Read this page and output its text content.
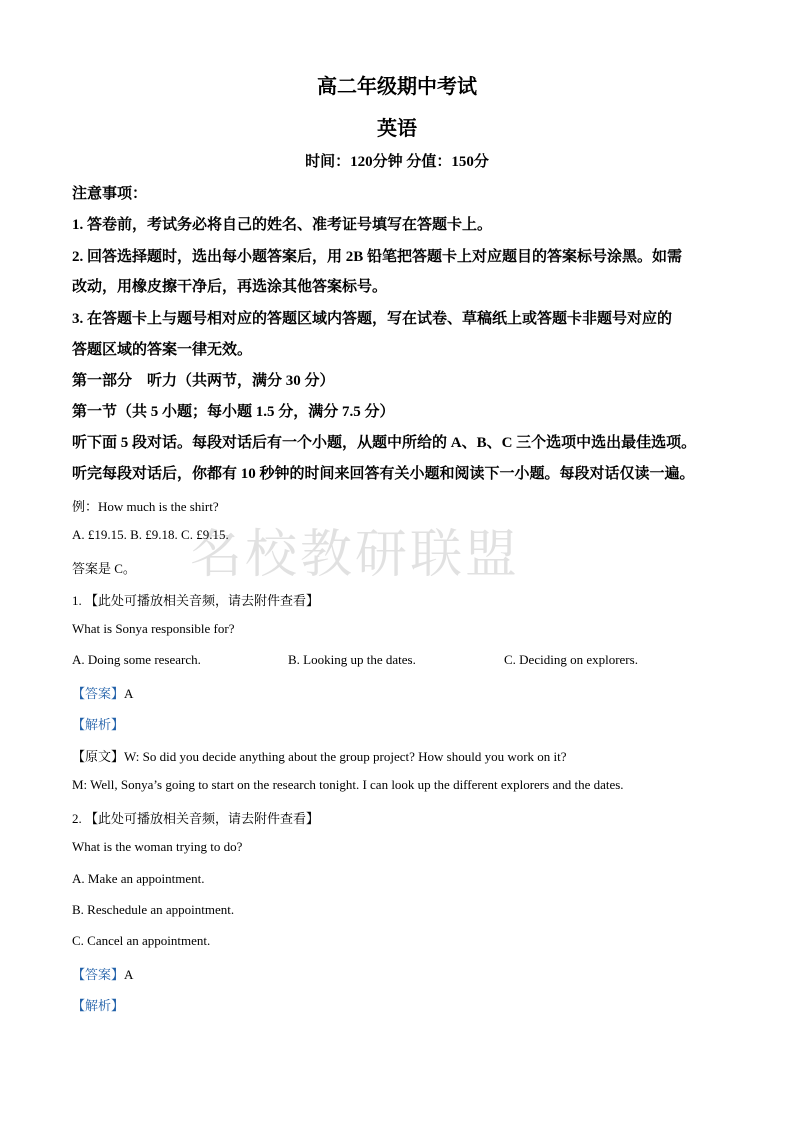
高二年级期中考试
英语
时间：120分钟 分值：150分
注意事项：
1. 答卷前，考试务必将自己的姓名、准考证号填写在答题卡上。
2. 回答选择题时，选出每小题答案后，用 2B 铅笔把答题卡上对应题目的答案标号涂黑。如需
改动，用橡皮擦干净后，再选涂其他答案标号。
3. 在答题卡上与题号相对应的答题区域内答题，写在试卷、草稿纸上或答题卡非题号对应的
答题区域的答案一律无效。
第一部分　听力（共两节，满分 30 分）
第一节（共 5 小题；每小题 1.5 分，满分 7.5 分）
听下面 5 段对话。每段对话后有一个小题，从题中所给的 A、B、C 三个选项中选出最佳选项。
听完每段对话后，你都有 10 秒钟的时间来回答有关小题和阅读下一小题。每段对话仅读一遍。
例：How much is the shirt?
A. £19.15. B. £9.18. C. £9.15.
答案是 C。
1. 【此处可播放相关音频，请去附件查看】
What is Sonya responsible for?
A. Doing some research.	B. Looking up the dates.	C. Deciding on explorers.
【答案】A
【解析】
【原文】W: So did you decide anything about the group project? How should you work on it?
M: Well, Sonya’s going to start on the research tonight. I can look up the different explorers and the dates.
2. 【此处可播放相关音频，请去附件查看】
What is the woman trying to do?
A. Make an appointment.
B. Reschedule an appointment.
C. Cancel an appointment.
【答案】A
【解析】
名校教研联盟
